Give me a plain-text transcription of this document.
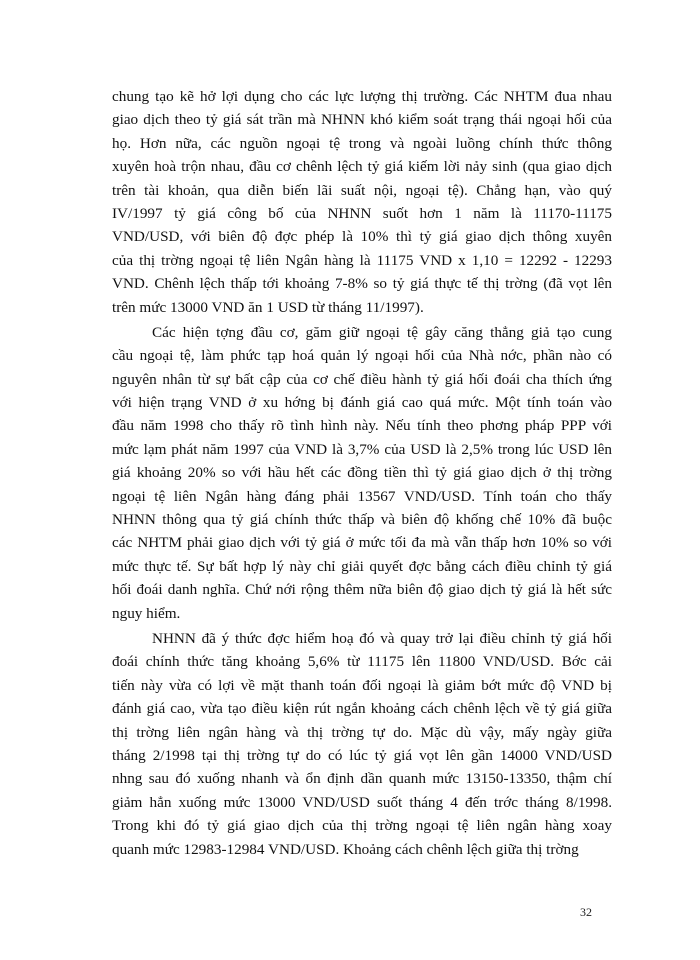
chung tạo kẽ hở lợi dụng cho các lực lượng thị trường. Các NHTM đua nhau
giao dịch theo tỷ giá sát trần mà NHNN khó kiểm soát trạng thái ngoại hối của
họ. Hơn nữa, các nguồn ngoại tệ trong và ngoài luồng chính thức thông
xuyên hoà trộn nhau, đầu cơ chênh lệch tỷ giá kiếm lời nảy sinh (qua giao dịch
trên tài khoản, qua diễn biến lãi suất nội, ngoại tệ). Chẳng hạn, vào quý
IV/1997 tỷ giá công bố của NHNN suốt hơn 1 năm là 11170-11175
VND/USD, với biên độ đợc phép là 10% thì tỷ giá giao dịch thông xuyên
của thị trờng ngoại tệ liên Ngân hàng là 11175 VND x 1,10 = 12292 - 12293
VND. Chênh lệch thấp tới khoảng 7-8% so tỷ giá thực tế thị trờng (đã vọt lên
trên mức 13000 VND ăn 1 USD từ tháng 11/1997).
Các hiện tợng đầu cơ, găm giữ ngoại tệ gây căng thẳng giả tạo cung
cầu ngoại tệ, làm phức tạp hoá quản lý ngoại hối của Nhà nớc, phần nào có
nguyên nhân từ sự bất cập của cơ chế điều hành tỷ giá hối đoái cha thích ứng
với hiện trạng VND ở xu hớng bị đánh giá cao quá mức. Một tính toán vào
đầu năm 1998 cho thấy rõ tình hình này. Nếu tính theo phơng pháp PPP với
mức lạm phát năm 1997 của VND là 3,7% của USD là 2,5% trong lúc USD lên
giá khoảng 20% so với hầu hết các đồng tiền thì tỷ giá giao dịch ở thị trờng
ngoại tệ liên Ngân hàng đáng phải 13567 VND/USD. Tính toán cho thấy
NHNN thông qua tỷ giá chính thức thấp và biên độ khống chế 10% đã buộc
các NHTM phải giao dịch với tỷ giá ở mức tối đa mà vẫn thấp hơn 10% so với
mức thực tế. Sự bất hợp lý này chỉ giải quyết đợc bằng cách điều chỉnh tỷ giá
hối đoái danh nghĩa. Chứ nới rộng thêm nữa biên độ giao dịch tỷ giá là hết sức
nguy hiểm.
NHNN đã ý thức đợc hiểm hoạ đó và quay trở lại điều chỉnh tỷ giá hối
đoái chính thức tăng khoảng 5,6% từ 11175 lên 11800 VND/USD. Bớc cải
tiến này vừa có lợi về mặt thanh toán đối ngoại là giảm bớt mức độ VND bị
đánh giá cao, vừa tạo điều kiện rút ngắn khoảng cách chênh lệch về tỷ giá giữa
thị trờng liên ngân hàng và thị trờng tự do. Mặc dù vậy, mấy ngày giữa
tháng 2/1998 tại thị trờng tự do có lúc tỷ giá vọt lên gần 14000 VND/USD
nhng sau đó xuống nhanh và ổn định dần quanh mức 13150-13350, thậm chí
giảm hẳn xuống mức 13000 VND/USD suốt tháng 4 đến trớc tháng 8/1998.
Trong khi đó tỷ giá giao dịch của thị trờng ngoại tệ liên ngân hàng xoay
quanh mức 12983-12984 VND/USD. Khoảng cách chênh lệch giữa thị trờng
32
